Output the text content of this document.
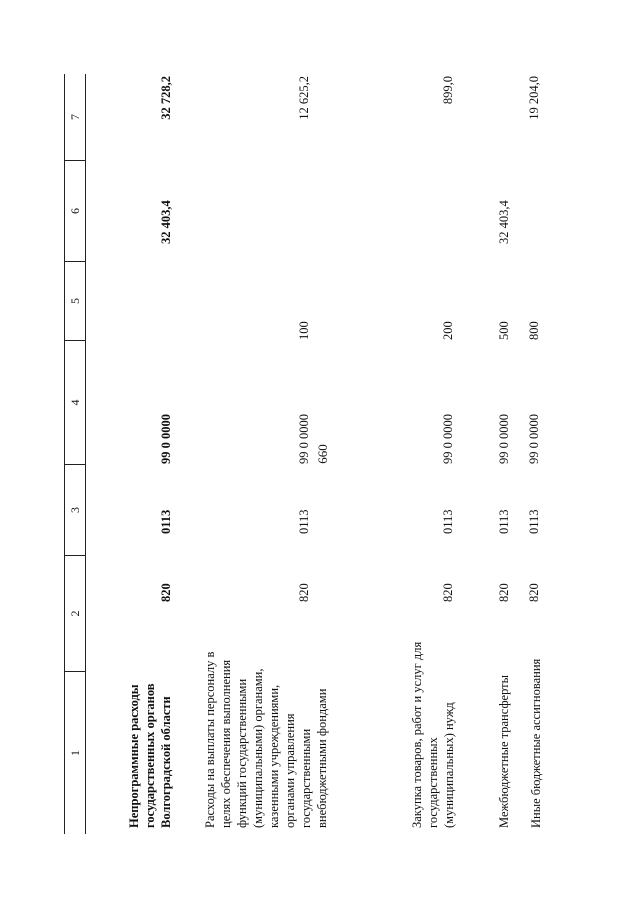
660
1
2
3
4
5
6
7
Непрограммные расходы государственных органов Волгоградской области
820
0113
99 0 0000
32 403,4
32 728,2
Расходы на выплаты персоналу в целях обеспечения выполнения функций государственными (муниципальными) органами, казенными учреждениями, органами управления государственными внебюджетными фондами
820
0113
99 0 0000
100
12 625,2
Закупка товаров, работ и услуг для государственных (муниципальных) нужд
820
0113
99 0 0000
200
899,0
Межбюджетные трансферты
820
0113
99 0 0000
500
32 403,4
Иные бюджетные ассигнования
820
0113
99 0 0000
800
19 204,0
